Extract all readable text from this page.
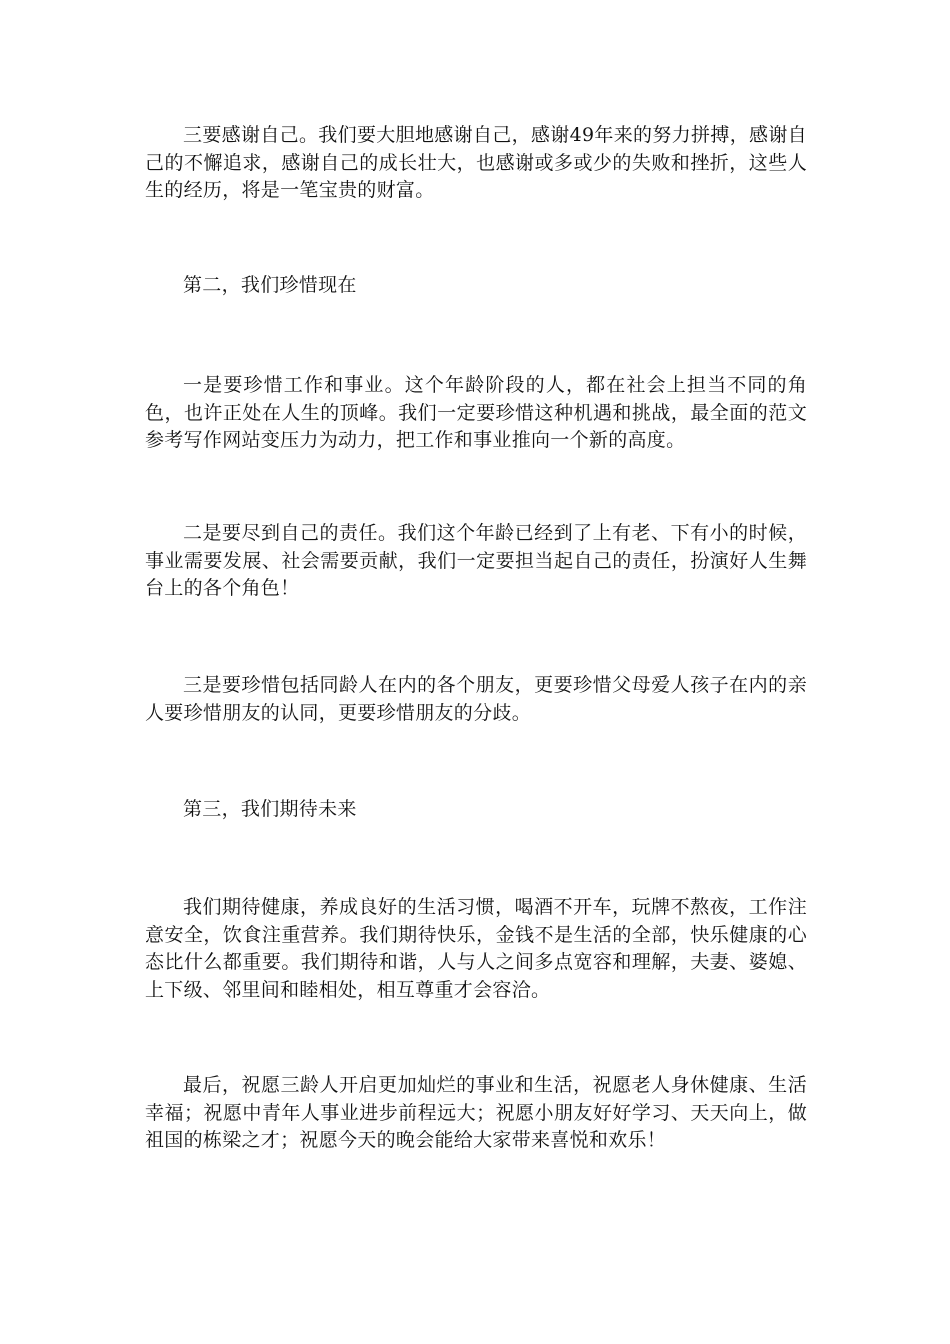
三要感谢自己。我们要大胆地感谢自己，感谢49年来的努力拼搏，感谢自己的不懈追求，感谢自己的成长壮大，也感谢或多或少的失败和挫折，这些人生的经历，将是一笔宝贵的财富。

第二，我们珍惜现在

一是要珍惜工作和事业。这个年龄阶段的人，都在社会上担当不同的角色，也许正处在人生的顶峰。我们一定要珍惜这种机遇和挑战，最全面的范文参考写作网站变压力为动力，把工作和事业推向一个新的高度。

二是要尽到自己的责任。我们这个年龄已经到了上有老、下有小的时候，事业需要发展、社会需要贡献，我们一定要担当起自己的责任，扮演好人生舞台上的各个角色！

三是要珍惜包括同龄人在内的各个朋友，更要珍惜父母爱人孩子在内的亲人要珍惜朋友的认同，更要珍惜朋友的分歧。

第三，我们期待未来

我们期待健康，养成良好的生活习惯，喝酒不开车，玩牌不熬夜，工作注意安全，饮食注重营养。我们期待快乐，金钱不是生活的全部，快乐健康的心态比什么都重要。我们期待和谐，人与人之间多点宽容和理解，夫妻、婆媳、上下级、邻里间和睦相处，相互尊重才会容洽。

最后，祝愿三龄人开启更加灿烂的事业和生活，祝愿老人身休健康、生活幸福；祝愿中青年人事业进步前程远大；祝愿小朋友好好学习、天天向上，做祖国的栋梁之才；祝愿今天的晚会能给大家带来喜悦和欢乐！
